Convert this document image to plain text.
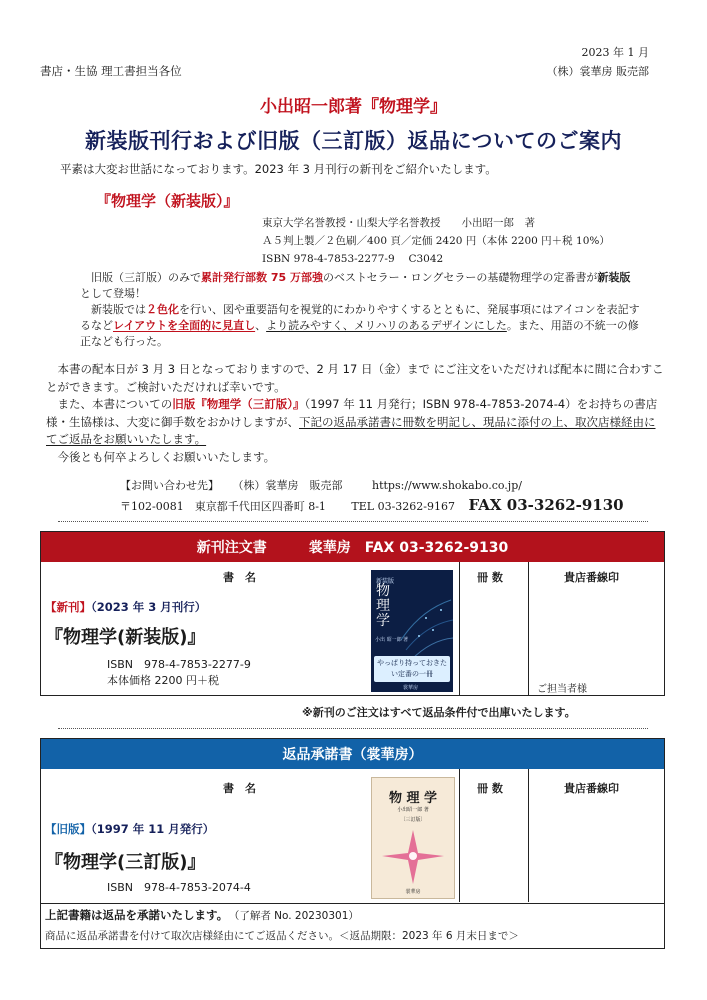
2023 年 1 月
書店・生協 理工書担当各位	（株）裳華房 販売部
小出昭一郎著『物理学』
新装版刊行および旧版（三訂版）返品についてのご案内
平素は大変お世話になっております。2023 年 3 月刊行の新刊をご紹介いたします。
『物理学（新装版）』
東京大学名誉教授・山梨大学名誉教授　　小出昭一郎　著
Ａ５判上製／２色刷／400 頁／定価 2420 円（本体 2200 円＋税 10%）
ISBN 978-4-7853-2277-9　 C3042
旧版（三訂版）のみで累計発行部数 75 万部強のベストセラー・ロングセラーの基礎物理学の定番書が新装版として登場！
新装版では２色化を行い、図や重要語句を視覚的にわかりやすくするとともに、発展事項にはアイコンを表記するなどレイアウトを全面的に見直し、より読みやすく、メリハリのあるデザインにした。また、用語の不統一の修正なども行った。
本書の配本日が 3 月 3 日となっておりますので、2 月 17 日（金）まで にご注文をいただければ配本に間に合わすことができます。ご検討いただければ幸いです。
また、本書についての旧版『物理学（三訂版）』（1997 年 11 月発行；ISBN 978-4-7853-2074-4）をお持ちの書店様・生協様は、大変に御手数をおかけしますが、下記の返品承諾書に冊数を明記し、現品に添付の上、取次店様経由にてご返品をお願いいたします。
今後とも何卒よろしくお願いいたします。
【お問い合わせ先】 （株）裳華房　販売部	https://www.shokabo.co.jp/
〒102-0081　東京都千代田区四番町 8-1 TEL 03-3262-9167 FAX 03-3262-9130
新刊注文書　　　裳華房　FAX 03-3262-9130
書　名	冊 数	貴店番線印
【新刊】（2023 年 3 月刊行）
『物理学(新装版)』
ISBN　978-4-7853-2277-9
本体価格 2200 円＋税
ご担当者様
新装版
物理学
小出 昭一郎 著
やっぱり持っておきたい定番の一冊
裳華房
※新刊のご注文はすべて返品条件付で出庫いたします。
返品承諾書（裳華房）
書　名	冊 数	貴店番線印
【旧版】（1997 年 11 月発行）
『物理学(三訂版)』
ISBN　978-4-7853-2074-4
物 理 学
小出昭一郎 著
〔三訂版〕
裳華房
上記書籍は返品を承諾いたします。 （了解者 No. 20230301）
商品に返品承諾書を付けて取次店様経由にてご返品ください。＜返品期限：2023 年 6 月末日まで＞
